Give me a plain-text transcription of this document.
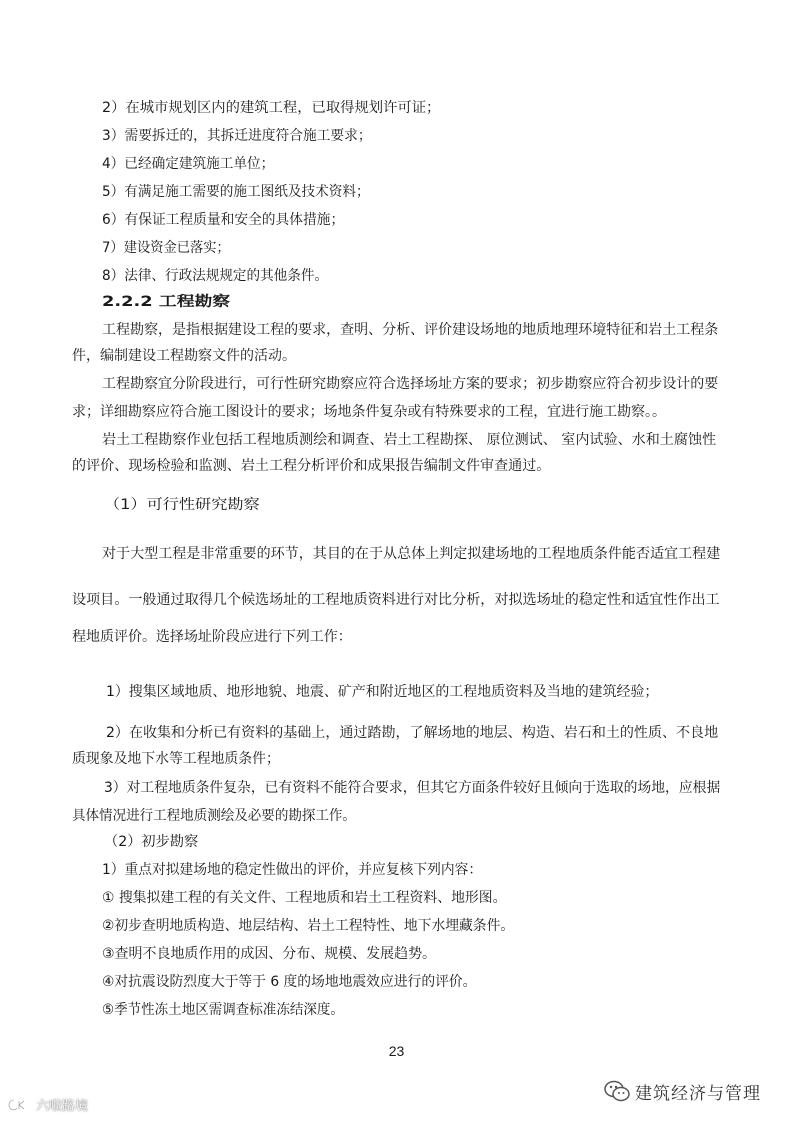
2）在城市规划区内的建筑工程，已取得规划许可证；
3）需要拆迁的，其拆迁进度符合施工要求；
4）已经确定建筑施工单位；
5）有满足施工需要的施工图纸及技术资料；
6）有保证工程质量和安全的具体措施；
7）建设资金已落实；
8）法律、行政法规规定的其他条件。
2.2.2 工程勘察
工程勘察，是指根据建设工程的要求，查明、分析、评价建设场地的地质地理环境特征和岩土工程条
件，编制建设工程勘察文件的活动。
工程勘察宜分阶段进行，可行性研究勘察应符合选择场址方案的要求；初步勘察应符合初步设计的要
求；详细勘察应符合施工图设计的要求；场地条件复杂或有特殊要求的工程，宜进行施工勘察。。
岩土工程勘察作业包括工程地质测绘和调查、岩土工程勘探、 原位测试、 室内试验、水和土腐蚀性
的评价、现场检验和监测、岩土工程分析评价和成果报告编制文件审查通过。
（1）可行性研究勘察
对于大型工程是非常重要的环节，其目的在于从总体上判定拟建场地的工程地质条件能否适宜工程建
设项目。一般通过取得几个候选场址的工程地质资料进行对比分析，对拟选场址的稳定性和适宜性作出工
程地质评价。选择场址阶段应进行下列工作：
1）搜集区域地质、地形地貌、地震、矿产和附近地区的工程地质资料及当地的建筑经验；
2）在收集和分析已有资料的基础上，通过踏勘，了解场地的地层、构造、岩石和土的性质、不良地
质现象及地下水等工程地质条件；
3）对工程地质条件复杂，已有资料不能符合要求，但其它方面条件较好且倾向于选取的场地，应根据
具体情况进行工程地质测绘及必要的勘探工作。
（2）初步勘察
1）重点对拟建场地的稳定性做出的评价，并应复核下列内容：
① 搜集拟建工程的有关文件、工程地质和岩土工程资料、地形图。
②初步查明地质构造、地层结构、岩土工程特性、地下水埋藏条件。
③查明不良地质作用的成因、分布、规模、发展趋势。
④对抗震设防烈度大于等于 6 度的场地地震效应进行的评价。
⑤季节性冻土地区需调查标准冻结深度。
23
建筑经济与管理
六啦路境
